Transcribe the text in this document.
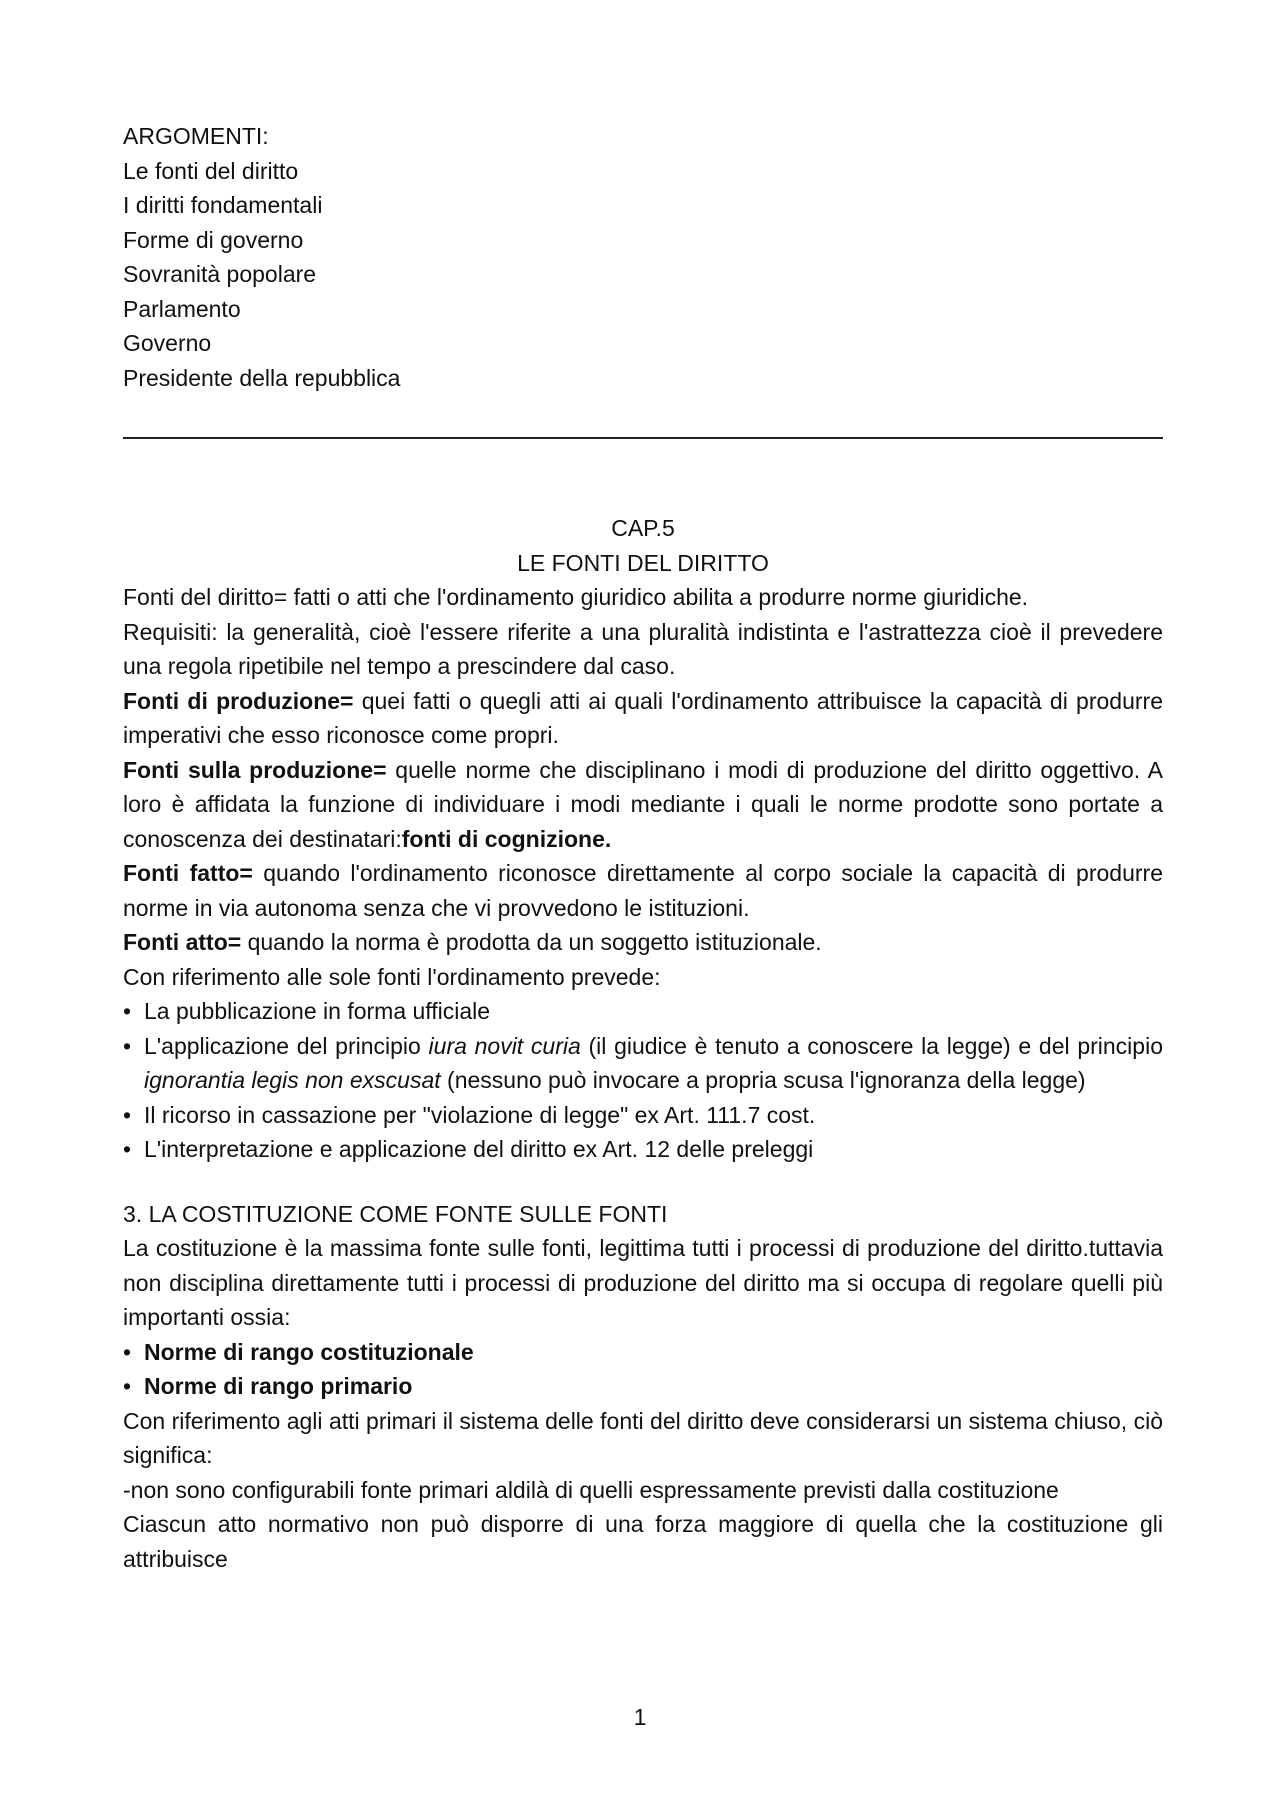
ARGOMENTI:

Le fonti del diritto

I diritti fondamentali

Forme di governo

Sovranità popolare

Parlamento

Governo

Presidente della repubblica

CAP.5

LE FONTI DEL DIRITTO

Fonti del diritto= fatti o atti che l'ordinamento giuridico abilita a produrre norme giuridiche.

Requisiti: la generalità, cioè l'essere riferite a una pluralità indistinta e l'astrattezza cioè il prevedere una regola ripetibile nel tempo a prescindere dal caso.

Fonti di produzione= quei fatti o quegli atti ai quali l'ordinamento attribuisce la capacità di produrre imperativi che esso riconosce come propri.

Fonti sulla produzione= quelle norme che disciplinano i modi di produzione del diritto oggettivo. A loro è affidata la funzione di individuare i modi mediante i quali le norme prodotte sono portate a conoscenza dei destinatari:fonti di cognizione.

Fonti fatto= quando l'ordinamento riconosce direttamente al corpo sociale la capacità di produrre norme in via autonoma senza che vi provvedono le istituzioni.

Fonti atto= quando la norma è prodotta da un soggetto istituzionale.

Con riferimento alle sole fonti l'ordinamento prevede:

• La pubblicazione in forma ufficiale
• L'applicazione del principio iura novit curia (il giudice è tenuto a conoscere la legge) e del principio ignorantia legis non exscusat (nessuno può invocare a propria scusa l'ignoranza della legge)
• Il ricorso in cassazione per "violazione di legge" ex Art. 111.7 cost.
• L'interpretazione e applicazione del diritto ex Art. 12 delle preleggi

3. LA COSTITUZIONE COME FONTE SULLE FONTI

La costituzione è la massima fonte sulle fonti, legittima tutti i processi di produzione del diritto.tuttavia non disciplina direttamente tutti i processi di produzione del diritto ma si occupa di regolare quelli più importanti ossia:

• Norme di rango costituzionale
• Norme di rango primario

Con riferimento agli atti primari il sistema delle fonti del diritto deve considerarsi un sistema chiuso, ciò significa:

-non sono configurabili fonte primari aldilà di quelli espressamente previsti dalla costituzione

Ciascun atto normativo non può disporre di una forza maggiore di quella che la costituzione gli attribuisce

1
